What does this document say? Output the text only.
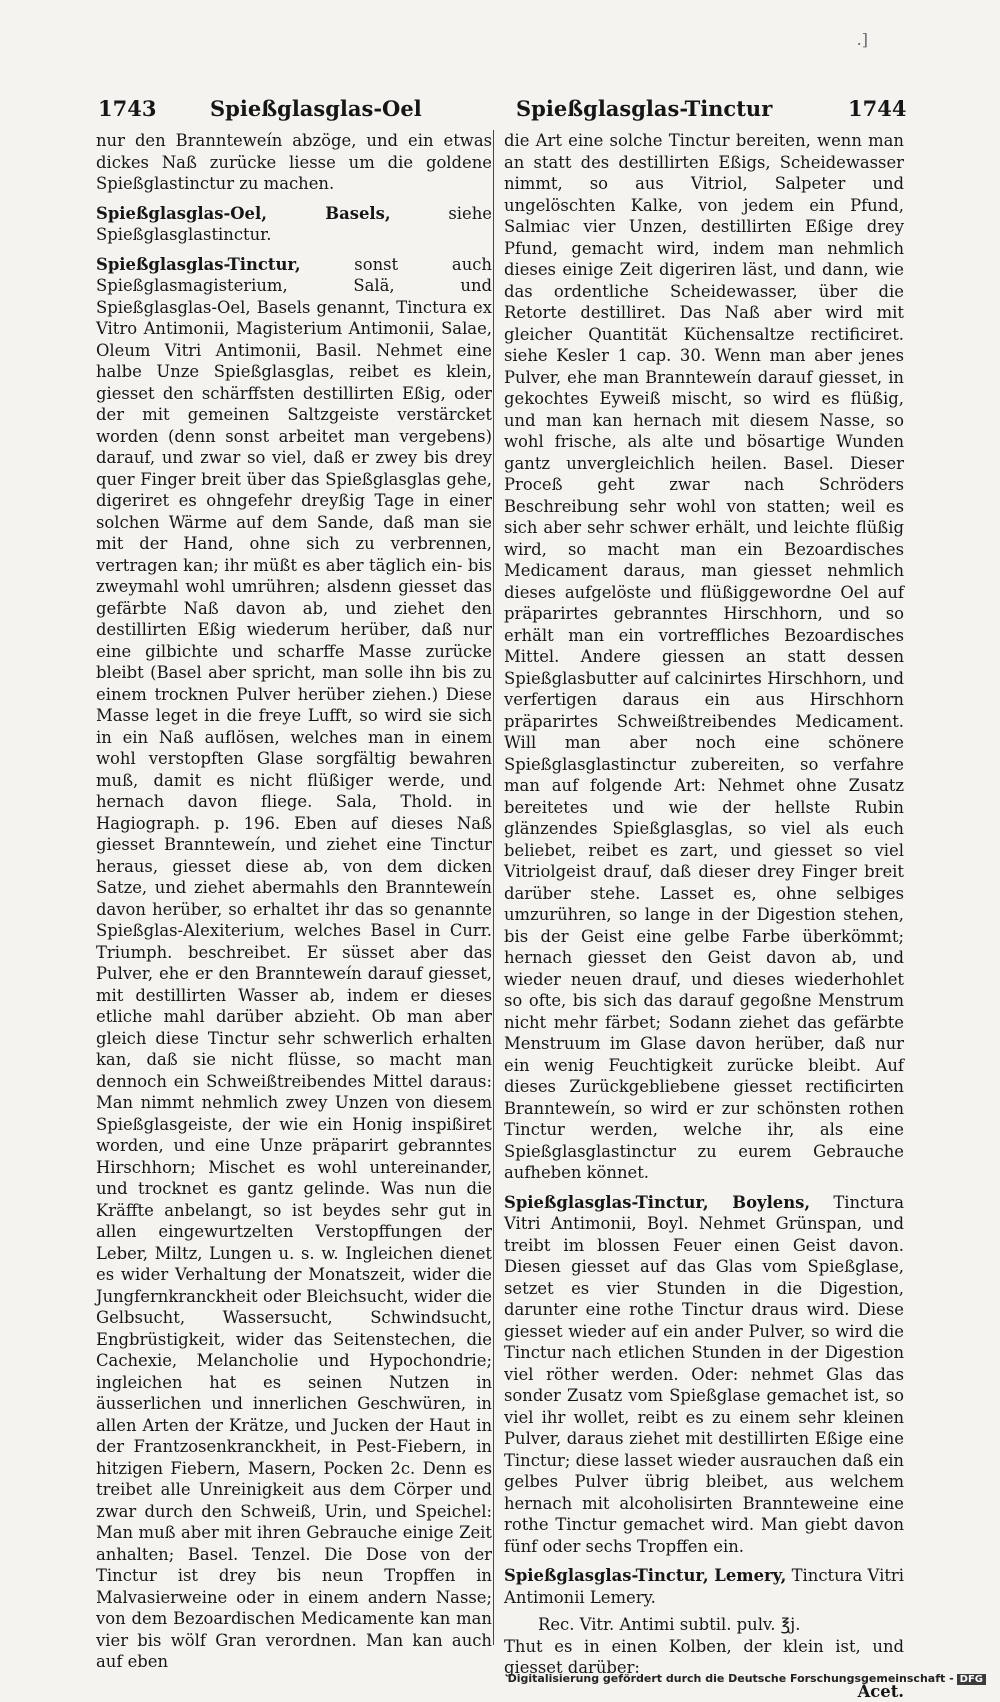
.]
1743	Spießglasglas-Oel	Spießglasglas-Tinctur	1744

nur den Brannteweín abzöge, und ein etwas dickes Naß zurücke liesse um die goldene Spießglastinctur zu machen.

Spießglasglas-Oel, Basels, siehe Spießglasglastinctur.

Spießglasglas-Tinctur, sonst auch Spießglasmagisterium, Salä, und Spießglasglas-Oel, Basels genannt, Tinctura ex Vitro Antimonii, Magisterium Antimonii, Salae, Oleum Vitri Antimonii, Basil. Nehmet eine halbe Unze Spießglasglas, reibet es klein, giesset den schärffsten destillirten Eßig, oder der mit gemeinen Saltzgeiste verstärcket worden (denn sonst arbeitet man vergebens) darauf, und zwar so viel, daß er zwey bis drey quer Finger breit über das Spießglasglas gehe, digeriret es ohngefehr dreyßig Tage in einer solchen Wärme auf dem Sande, daß man sie mit der Hand, ohne sich zu verbrennen, vertragen kan; ihr müßt es aber täglich ein- bis zweymahl wohl umrühren; alsdenn giesset das gefärbte Naß davon ab, und ziehet den destillirten Eßig wiederum herüber, daß nur eine gilbichte und scharffe Masse zurücke bleibt (Basel aber spricht, man solle ihn bis zu einem trocknen Pulver herüber ziehen.) Diese Masse leget in die freye Lufft, so wird sie sich in ein Naß auflösen, welches man in einem wohl verstopften Glase sorgfältig bewahren muß, damit es nicht flüßiger werde, und hernach davon fliege. Sala, Thold. in Hagiograph. p. 196. Eben auf dieses Naß giesset Brannteweín, und ziehet eine Tinctur heraus, giesset diese ab, von dem dicken Satze, und ziehet abermahls den Brannteweín davon herüber, so erhaltet ihr das so genannte Spießglas-Alexiterium, welches Basel in Curr. Triumph. beschreibet. Er süsset aber das Pulver, ehe er den Brannteweín darauf giesset, mit destillirten Wasser ab, indem er dieses etliche mahl darüber abzieht. Ob man aber gleich diese Tinctur sehr schwerlich erhalten kan, daß sie nicht flüsse, so macht man dennoch ein Schweißtreibendes Mittel daraus: Man nimmt nehmlich zwey Unzen von diesem Spießglasgeiste, der wie ein Honig inspißiret worden, und eine Unze präparirt gebranntes Hirschhorn; Mischet es wohl untereinander, und trocknet es gantz gelinde. Was nun die Kräffte anbelangt, so ist beydes sehr gut in allen eingewurtzelten Verstopffungen der Leber, Miltz, Lungen u. s. w. Ingleichen dienet es wider Verhaltung der Monatszeit, wider die Jungfernkranckheit oder Bleichsucht, wider die Gelbsucht, Wassersucht, Schwindsucht, Engbrüstigkeit, wider das Seitenstechen, die Cachexie, Melancholie und Hypochondrie; ingleichen hat es seinen Nutzen in äusserlichen und innerlichen Geschwüren, in allen Arten der Krätze, und Jucken der Haut in der Frantzosenkranckheit, in Pest-Fiebern, in hitzigen Fiebern, Masern, Pocken 2c. Denn es treibet alle Unreinigkeit aus dem Cörper und zwar durch den Schweiß, Urin, und Speichel: Man muß aber mit ihren Gebrauche einige Zeit anhalten; Basel. Tenzel. Die Dose von der Tinctur ist drey bis neun Tropffen in Malvasierweine oder in einem andern Nasse; von dem Bezoardischen Medicamente kan man vier bis wölf Gran verordnen. Man kan auch auf eben

die Art eine solche Tinctur bereiten, wenn man an statt des destillirten Eßigs, Scheidewasser nimmt, so aus Vitriol, Salpeter und ungelöschten Kalke, von jedem ein Pfund, Salmiac vier Unzen, destillirten Eßige drey Pfund, gemacht wird, indem man nehmlich dieses einige Zeit digeriren läst, und dann, wie das ordentliche Scheidewasser, über die Retorte destilliret. Das Naß aber wird mit gleicher Quantität Küchensaltze rectificiret. siehe Kesler 1 cap. 30. Wenn man aber jenes Pulver, ehe man Brannteweín darauf giesset, in gekochtes Eyweiß mischt, so wird es flüßig, und man kan hernach mit diesem Nasse, so wohl frische, als alte und bösartige Wunden gantz unvergleichlich heilen. Basel. Dieser Proceß geht zwar nach Schröders Beschreibung sehr wohl von statten; weil es sich aber sehr schwer erhält, und leichte flüßig wird, so macht man ein Bezoardisches Medicament daraus, man giesset nehmlich dieses aufgelöste und flüßiggewordne Oel auf präparirtes gebranntes Hirschhorn, und so erhält man ein vortreffliches Bezoardisches Mittel. Andere giessen an statt dessen Spießglasbutter auf calcinirtes Hirschhorn, und verfertigen daraus ein aus Hirschhorn präparirtes Schweißtreibendes Medicament. Will man aber noch eine schönere Spießglasglastinctur zubereiten, so verfahre man auf folgende Art: Nehmet ohne Zusatz bereitetes und wie der hellste Rubin glänzendes Spießglasglas, so viel als euch beliebet, reibet es zart, und giesset so viel Vitriolgeist drauf, daß dieser drey Finger breit darüber stehe. Lasset es, ohne selbiges umzurühren, so lange in der Digestion stehen, bis der Geist eine gelbe Farbe überkömmt; hernach giesset den Geist davon ab, und wieder neuen drauf, und dieses wiederhohlet so ofte, bis sich das darauf gegoßne Menstrum nicht mehr färbet; Sodann ziehet das gefärbte Menstruum im Glase davon herüber, daß nur ein wenig Feuchtigkeit zurücke bleibt. Auf dieses Zurückgebliebene giesset rectificirten Brannteweín, so wird er zur schönsten rothen Tinctur werden, welche ihr, als eine Spießglasglastinctur zu eurem Gebrauche aufheben könnet.

Spießglasglas-Tinctur, Boylens, Tinctura Vitri Antimonii, Boyl. Nehmet Grünspan, und treibt im blossen Feuer einen Geist davon. Diesen giesset auf das Glas vom Spießglase, setzet es vier Stunden in die Digestion, darunter eine rothe Tinctur draus wird. Diese giesset wieder auf ein ander Pulver, so wird die Tinctur nach etlichen Stunden in der Digestion viel röther werden. Oder: nehmet Glas das sonder Zusatz vom Spießglase gemachet ist, so viel ihr wollet, reibt es zu einem sehr kleinen Pulver, daraus ziehet mit destillirten Eßige eine Tinctur; diese lasset wieder ausrauchen daß ein gelbes Pulver übrig bleibet, aus welchem hernach mit alcoholisirten Brannteweine eine rothe Tinctur gemachet wird. Man giebt davon fünf oder sechs Tropffen ein.

Spießglasglas-Tinctur, Lemery, Tinctura Vitri Antimonii Lemery.

Rec. Vitr. Antimi subtil. pulv. ℥j.

Thut es in einen Kolben, der klein ist, und giesset darüber:

Acet.

Digitalisierung gefördert durch die Deutsche Forschungsgemeinschaft - DFG
